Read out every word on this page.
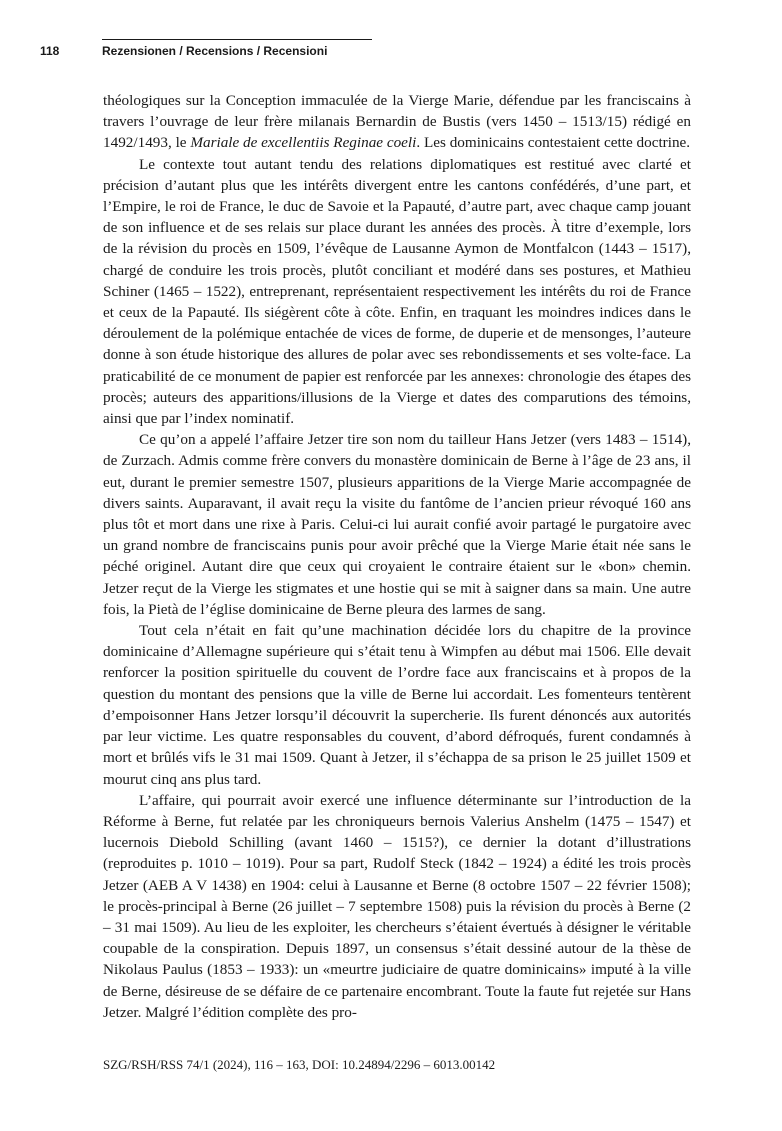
118	Rezensionen / Recensions / Recensioni

théologiques sur la Conception immaculée de la Vierge Marie, défendue par les franciscains à travers l’ouvrage de leur frère milanais Bernardin de Bustis (vers 1450 – 1513/15) rédigé en 1492/1493, le Mariale de excellentiis Reginae coeli. Les dominicains contestaient cette doctrine.

Le contexte tout autant tendu des relations diplomatiques est restitué avec clarté et précision d’autant plus que les intérêts divergent entre les cantons confédérés, d’une part, et l’Empire, le roi de France, le duc de Savoie et la Papauté, d’autre part, avec chaque camp jouant de son influence et de ses relais sur place durant les années des procès. À titre d’exemple, lors de la révision du procès en 1509, l’évêque de Lausanne Aymon de Montfalcon (1443 – 1517), chargé de conduire les trois procès, plutôt conciliant et modéré dans ses postures, et Mathieu Schiner (1465 – 1522), entreprenant, représentaient respectivement les intérêts du roi de France et ceux de la Papauté. Ils siégèrent côte à côte. Enfin, en traquant les moindres indices dans le déroulement de la polémique entachée de vices de forme, de duperie et de mensonges, l’auteure donne à son étude historique des allures de polar avec ses rebondissements et ses volte-face. La praticabilité de ce monument de papier est renforcée par les annexes: chronologie des étapes des procès; auteurs des apparitions/illusions de la Vierge et dates des comparutions des témoins, ainsi que par l’index nominatif.

Ce qu’on a appelé l’affaire Jetzer tire son nom du tailleur Hans Jetzer (vers 1483 – 1514), de Zurzach. Admis comme frère convers du monastère dominicain de Berne à l’âge de 23 ans, il eut, durant le premier semestre 1507, plusieurs apparitions de la Vierge Marie accompagnée de divers saints. Auparavant, il avait reçu la visite du fantôme de l’ancien prieur révoqué 160 ans plus tôt et mort dans une rixe à Paris. Celui-ci lui aurait confié avoir partagé le purgatoire avec un grand nombre de franciscains punis pour avoir prêché que la Vierge Marie était née sans le péché originel. Autant dire que ceux qui croyaient le contraire étaient sur le «bon» chemin. Jetzer reçut de la Vierge les stigmates et une hostie qui se mit à saigner dans sa main. Une autre fois, la Pietà de l’église dominicaine de Berne pleura des larmes de sang.

Tout cela n’était en fait qu’une machination décidée lors du chapitre de la province dominicaine d’Allemagne supérieure qui s’était tenu à Wimpfen au début mai 1506. Elle devait renforcer la position spirituelle du couvent de l’ordre face aux franciscains et à propos de la question du montant des pensions que la ville de Berne lui accordait. Les fomenteurs tentèrent d’empoisonner Hans Jetzer lorsqu’il découvrit la supercherie. Ils furent dénoncés aux autorités par leur victime. Les quatre responsables du couvent, d’abord défroqués, furent condamnés à mort et brûlés vifs le 31 mai 1509. Quant à Jetzer, il s’échappa de sa prison le 25 juillet 1509 et mourut cinq ans plus tard.

L’affaire, qui pourrait avoir exercé une influence déterminante sur l’introduction de la Réforme à Berne, fut relatée par les chroniqueurs bernois Valerius Anshelm (1475 – 1547) et lucernois Diebold Schilling (avant 1460 – 1515?), ce dernier la dotant d’illustrations (reproduites p. 1010 – 1019). Pour sa part, Rudolf Steck (1842 – 1924) a édité les trois procès Jetzer (AEB A V 1438) en 1904: celui à Lausanne et Berne (8 octobre 1507 – 22 février 1508); le procès-principal à Berne (26 juillet – 7 septembre 1508) puis la révision du procès à Berne (2 – 31 mai 1509). Au lieu de les exploiter, les chercheurs s’étaient évertués à désigner le véritable coupable de la conspiration. Depuis 1897, un consensus s’était dessiné autour de la thèse de Nikolaus Paulus (1853 – 1933): un «meurtre judiciaire de quatre dominicains» imputé à la ville de Berne, désireuse de se défaire de ce partenaire encombrant. Toute la faute fut rejetée sur Hans Jetzer. Malgré l’édition complète des pro-

SZG/RSH/RSS 74/1 (2024), 116 – 163, DOI: 10.24894/2296 – 6013.00142
